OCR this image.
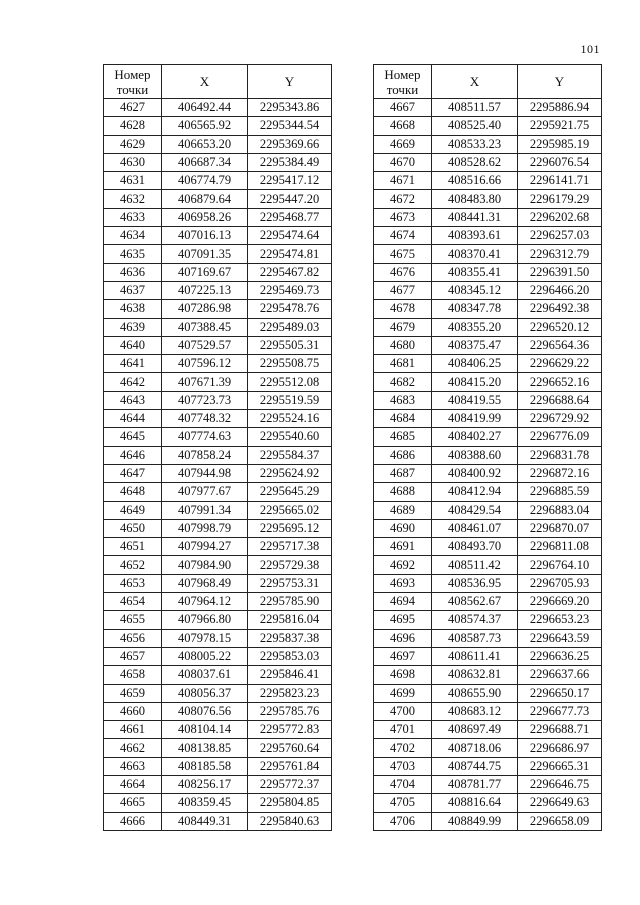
101
Номер точки	X	Y
4627	406492.44	2295343.86
4628	406565.92	2295344.54
4629	406653.20	2295369.66
4630	406687.34	2295384.49
4631	406774.79	2295417.12
4632	406879.64	2295447.20
4633	406958.26	2295468.77
4634	407016.13	2295474.64
4635	407091.35	2295474.81
4636	407169.67	2295467.82
4637	407225.13	2295469.73
4638	407286.98	2295478.76
4639	407388.45	2295489.03
4640	407529.57	2295505.31
4641	407596.12	2295508.75
4642	407671.39	2295512.08
4643	407723.73	2295519.59
4644	407748.32	2295524.16
4645	407774.63	2295540.60
4646	407858.24	2295584.37
4647	407944.98	2295624.92
4648	407977.67	2295645.29
4649	407991.34	2295665.02
4650	407998.79	2295695.12
4651	407994.27	2295717.38
4652	407984.90	2295729.38
4653	407968.49	2295753.31
4654	407964.12	2295785.90
4655	407966.80	2295816.04
4656	407978.15	2295837.38
4657	408005.22	2295853.03
4658	408037.61	2295846.41
4659	408056.37	2295823.23
4660	408076.56	2295785.76
4661	408104.14	2295772.83
4662	408138.85	2295760.64
4663	408185.58	2295761.84
4664	408256.17	2295772.37
4665	408359.45	2295804.85
4666	408449.31	2295840.63
Номер точки	X	Y
4667	408511.57	2295886.94
4668	408525.40	2295921.75
4669	408533.23	2295985.19
4670	408528.62	2296076.54
4671	408516.66	2296141.71
4672	408483.80	2296179.29
4673	408441.31	2296202.68
4674	408393.61	2296257.03
4675	408370.41	2296312.79
4676	408355.41	2296391.50
4677	408345.12	2296466.20
4678	408347.78	2296492.38
4679	408355.20	2296520.12
4680	408375.47	2296564.36
4681	408406.25	2296629.22
4682	408415.20	2296652.16
4683	408419.55	2296688.64
4684	408419.99	2296729.92
4685	408402.27	2296776.09
4686	408388.60	2296831.78
4687	408400.92	2296872.16
4688	408412.94	2296885.59
4689	408429.54	2296883.04
4690	408461.07	2296870.07
4691	408493.70	2296811.08
4692	408511.42	2296764.10
4693	408536.95	2296705.93
4694	408562.67	2296669.20
4695	408574.37	2296653.23
4696	408587.73	2296643.59
4697	408611.41	2296636.25
4698	408632.81	2296637.66
4699	408655.90	2296650.17
4700	408683.12	2296677.73
4701	408697.49	2296688.71
4702	408718.06	2296686.97
4703	408744.75	2296665.31
4704	408781.77	2296646.75
4705	408816.64	2296649.63
4706	408849.99	2296658.09
